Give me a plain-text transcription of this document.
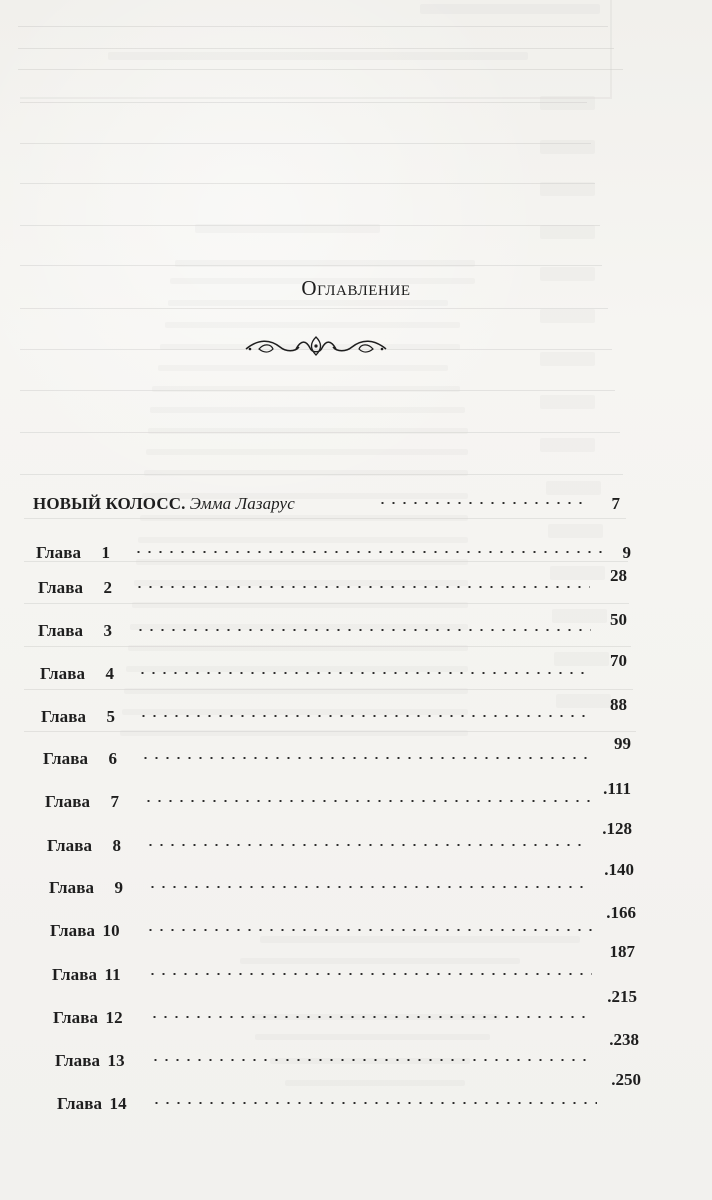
Оглавление
НОВЫЙ КОЛОСС. Эмма Лазарус	7
Глава 1	9
Глава 2
28
Глава 3
50
Глава 4
70
Глава 5
88
Глава 6
99
Глава 7
.111
Глава 8
.128
Глава 9
.140
Глава 10
.166
Глава 11
187
Глава 12
.215
Глава 13
.238
Глава 14
.250
